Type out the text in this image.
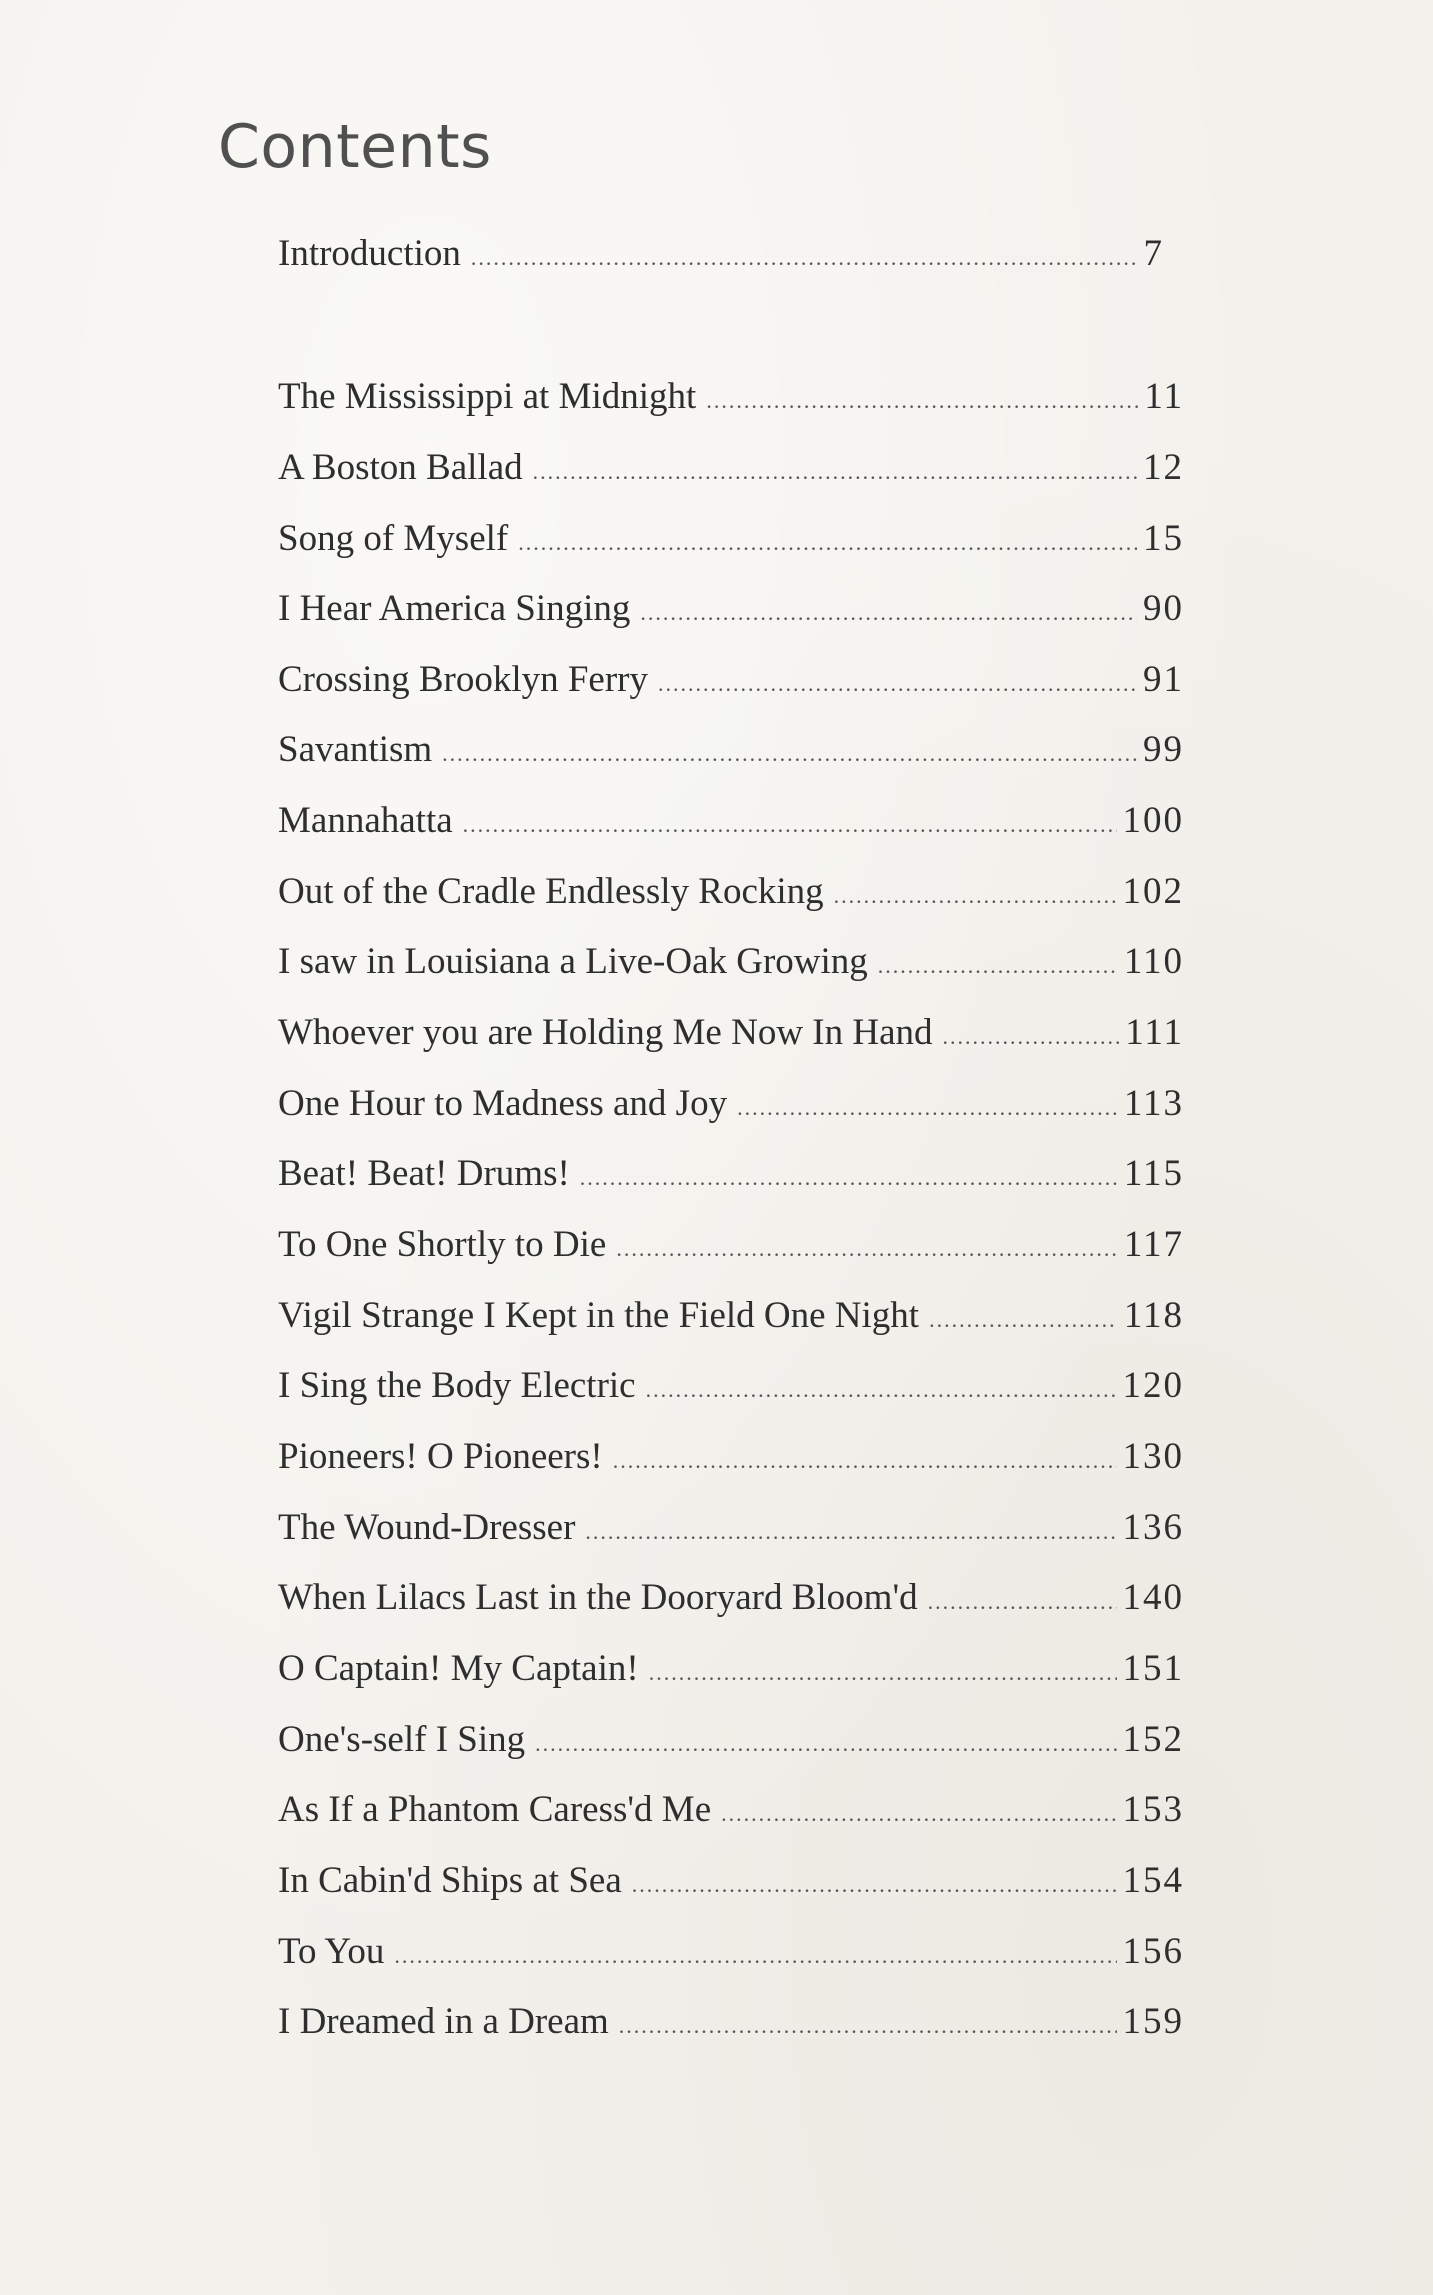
Contents
Introduction .....	7
The Mississippi at Midnight .....	11
A Boston Ballad .....	12
Song of Myself .....	15
I Hear America Singing .....	90
Crossing Brooklyn Ferry .....	91
Savantism .....	99
Mannahatta .....	100
Out of the Cradle Endlessly Rocking .....	102
I saw in Louisiana a Live-Oak Growing .....	110
Whoever you are Holding Me Now In Hand .....	111
One Hour to Madness and Joy .....	113
Beat! Beat! Drums! .....	115
To One Shortly to Die .....	117
Vigil Strange I Kept in the Field One Night .....	118
I Sing the Body Electric .....	120
Pioneers! O Pioneers! .....	130
The Wound-Dresser .....	136
When Lilacs Last in the Dooryard Bloom'd .....	140
O Captain! My Captain! .....	151
One's-self I Sing .....	152
As If a Phantom Caress'd Me .....	153
In Cabin'd Ships at Sea .....	154
To You .....	156
I Dreamed in a Dream .....	159
